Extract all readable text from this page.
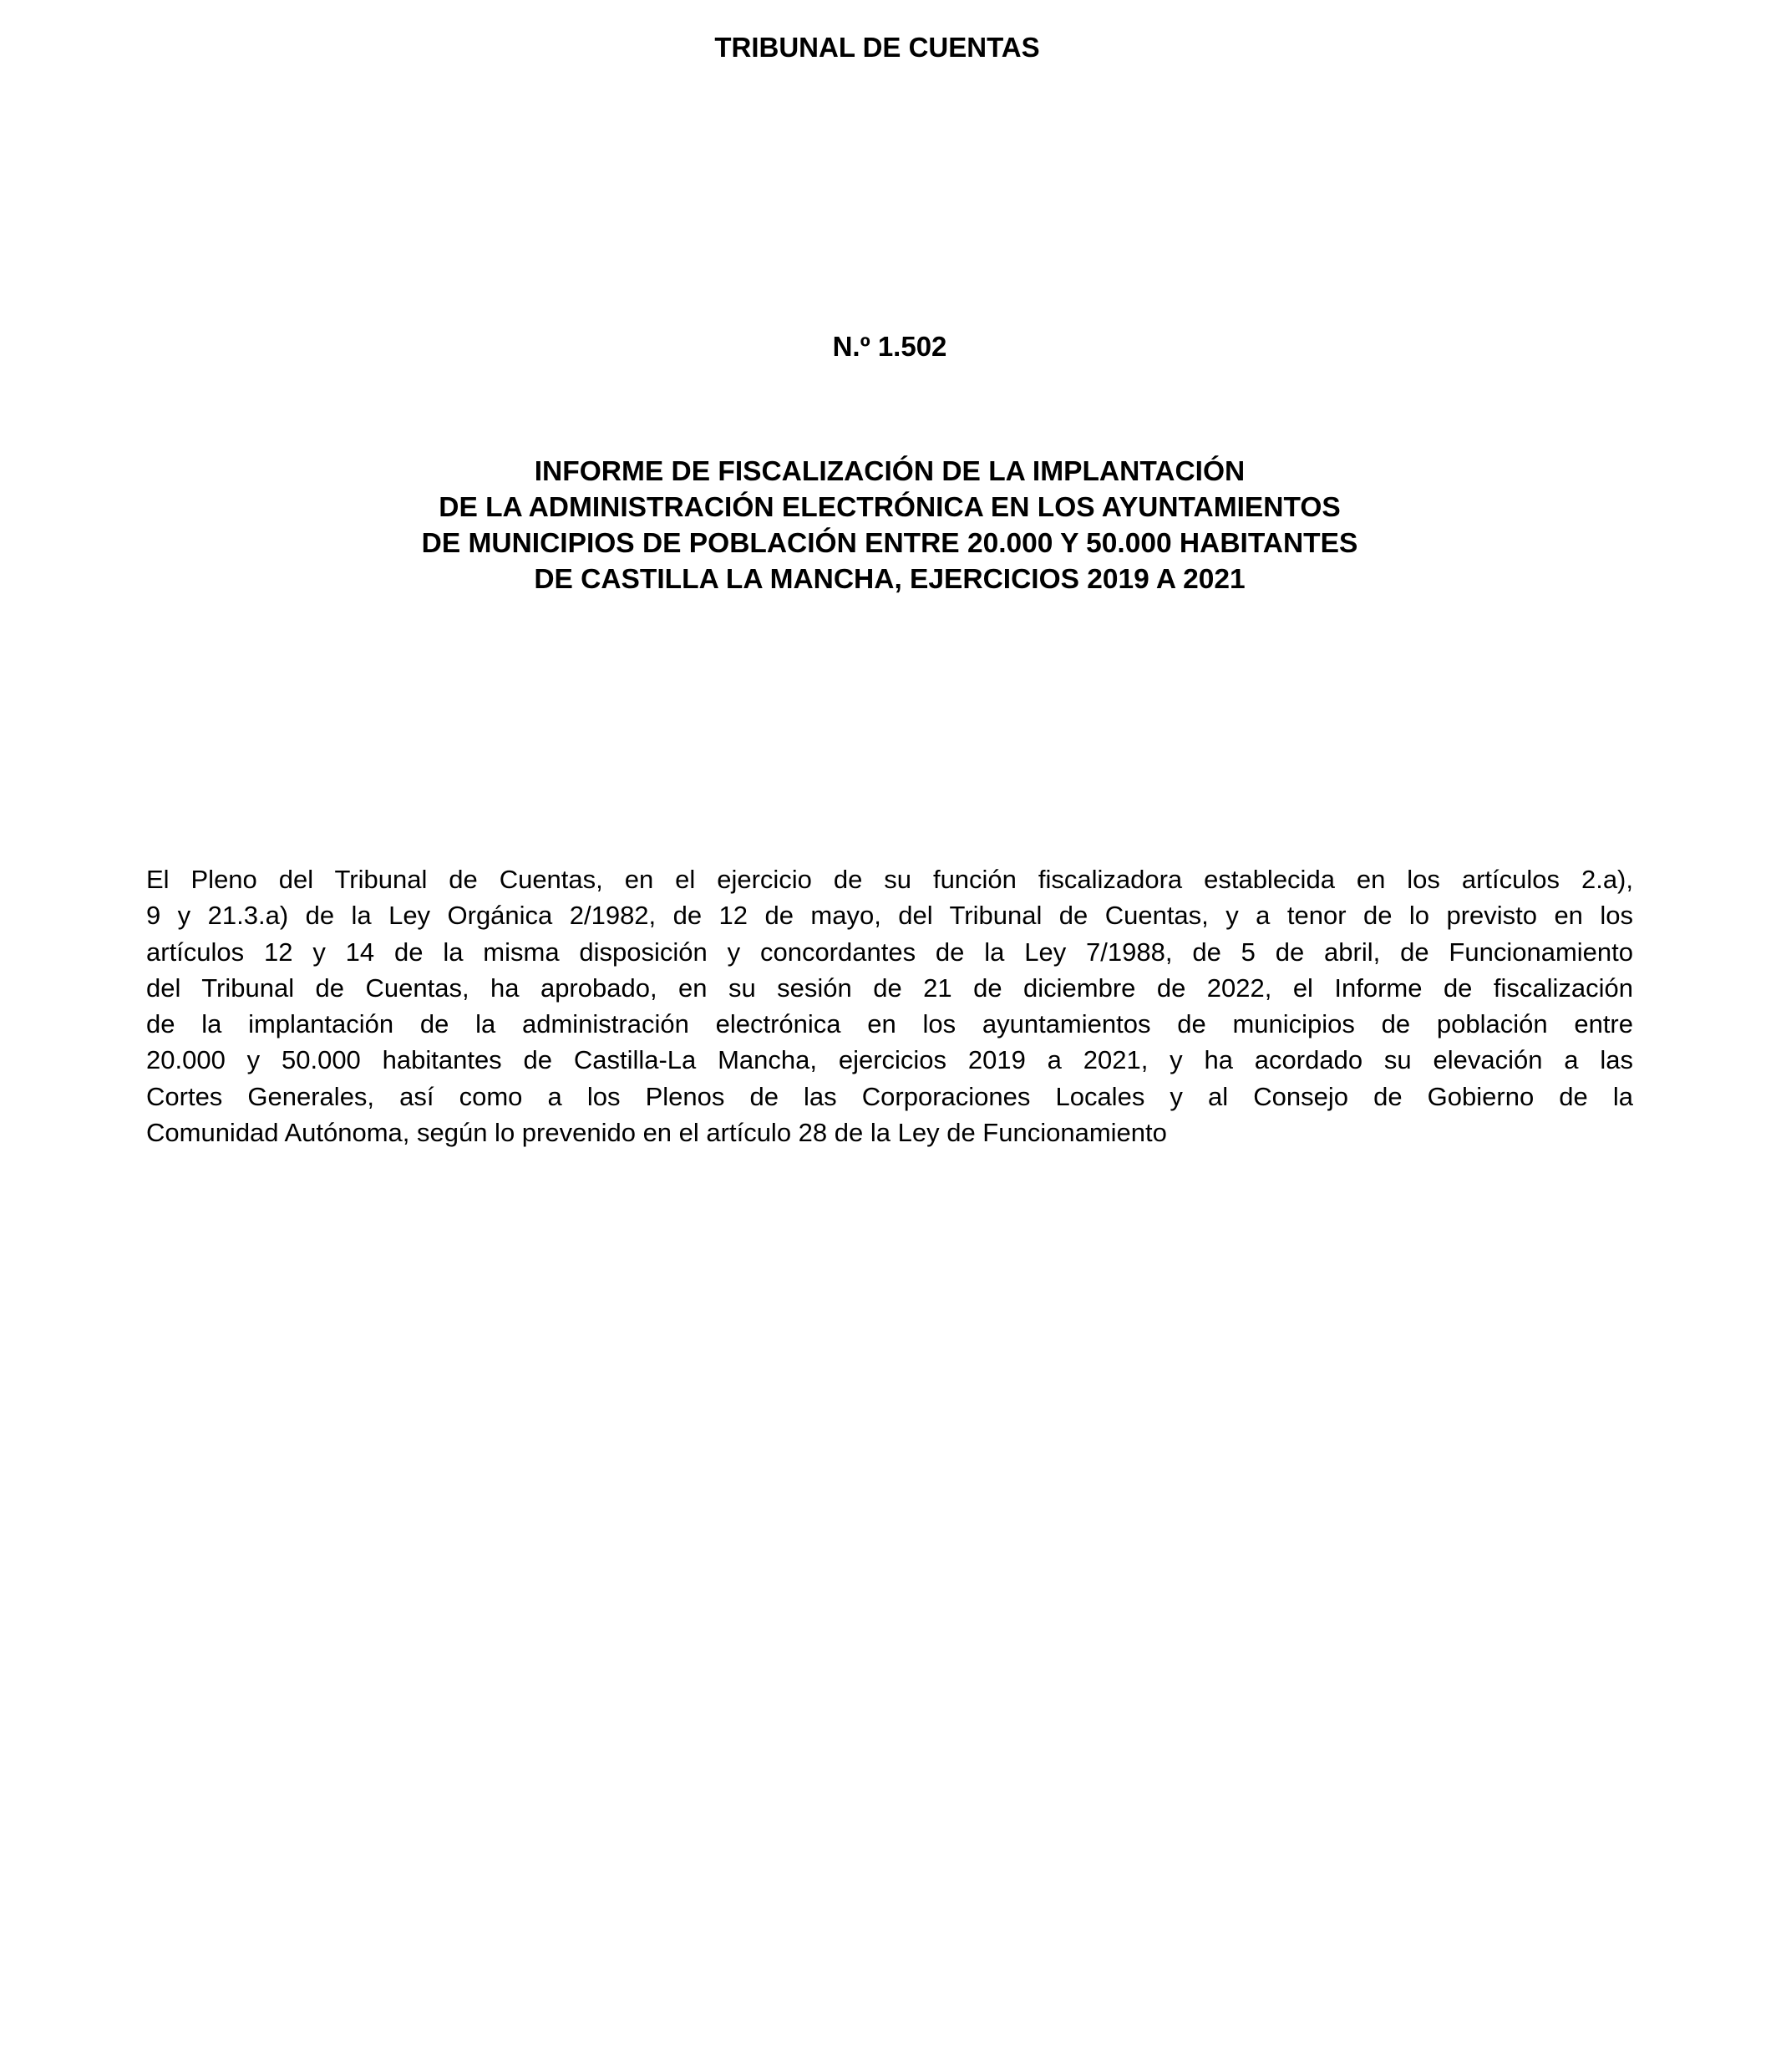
TRIBUNAL DE CUENTAS
N.º 1.502
INFORME DE FISCALIZACIÓN DE LA IMPLANTACIÓN
DE LA ADMINISTRACIÓN ELECTRÓNICA EN LOS AYUNTAMIENTOS
DE MUNICIPIOS DE POBLACIÓN ENTRE 20.000 Y 50.000 HABITANTES
DE CASTILLA LA MANCHA, EJERCICIOS 2019 A 2021
El Pleno del Tribunal de Cuentas, en el ejercicio de su función fiscalizadora establecida en los artículos 2.a),
9 y 21.3.a) de la Ley Orgánica 2/1982, de 12 de mayo, del Tribunal de Cuentas, y a tenor de lo previsto en los
artículos 12 y 14 de la misma disposición y concordantes de la Ley 7/1988, de 5 de abril, de Funcionamiento
del Tribunal de Cuentas, ha aprobado, en su sesión de 21 de diciembre de 2022, el Informe de fiscalización
de la implantación de la administración electrónica en los ayuntamientos de municipios de población entre
20.000 y 50.000 habitantes de Castilla-La Mancha, ejercicios 2019 a 2021, y ha acordado su elevación a las
Cortes Generales, así como a los Plenos de las Corporaciones Locales y al Consejo de Gobierno de la
Comunidad Autónoma, según lo prevenido en el artículo 28 de la Ley de Funcionamiento
